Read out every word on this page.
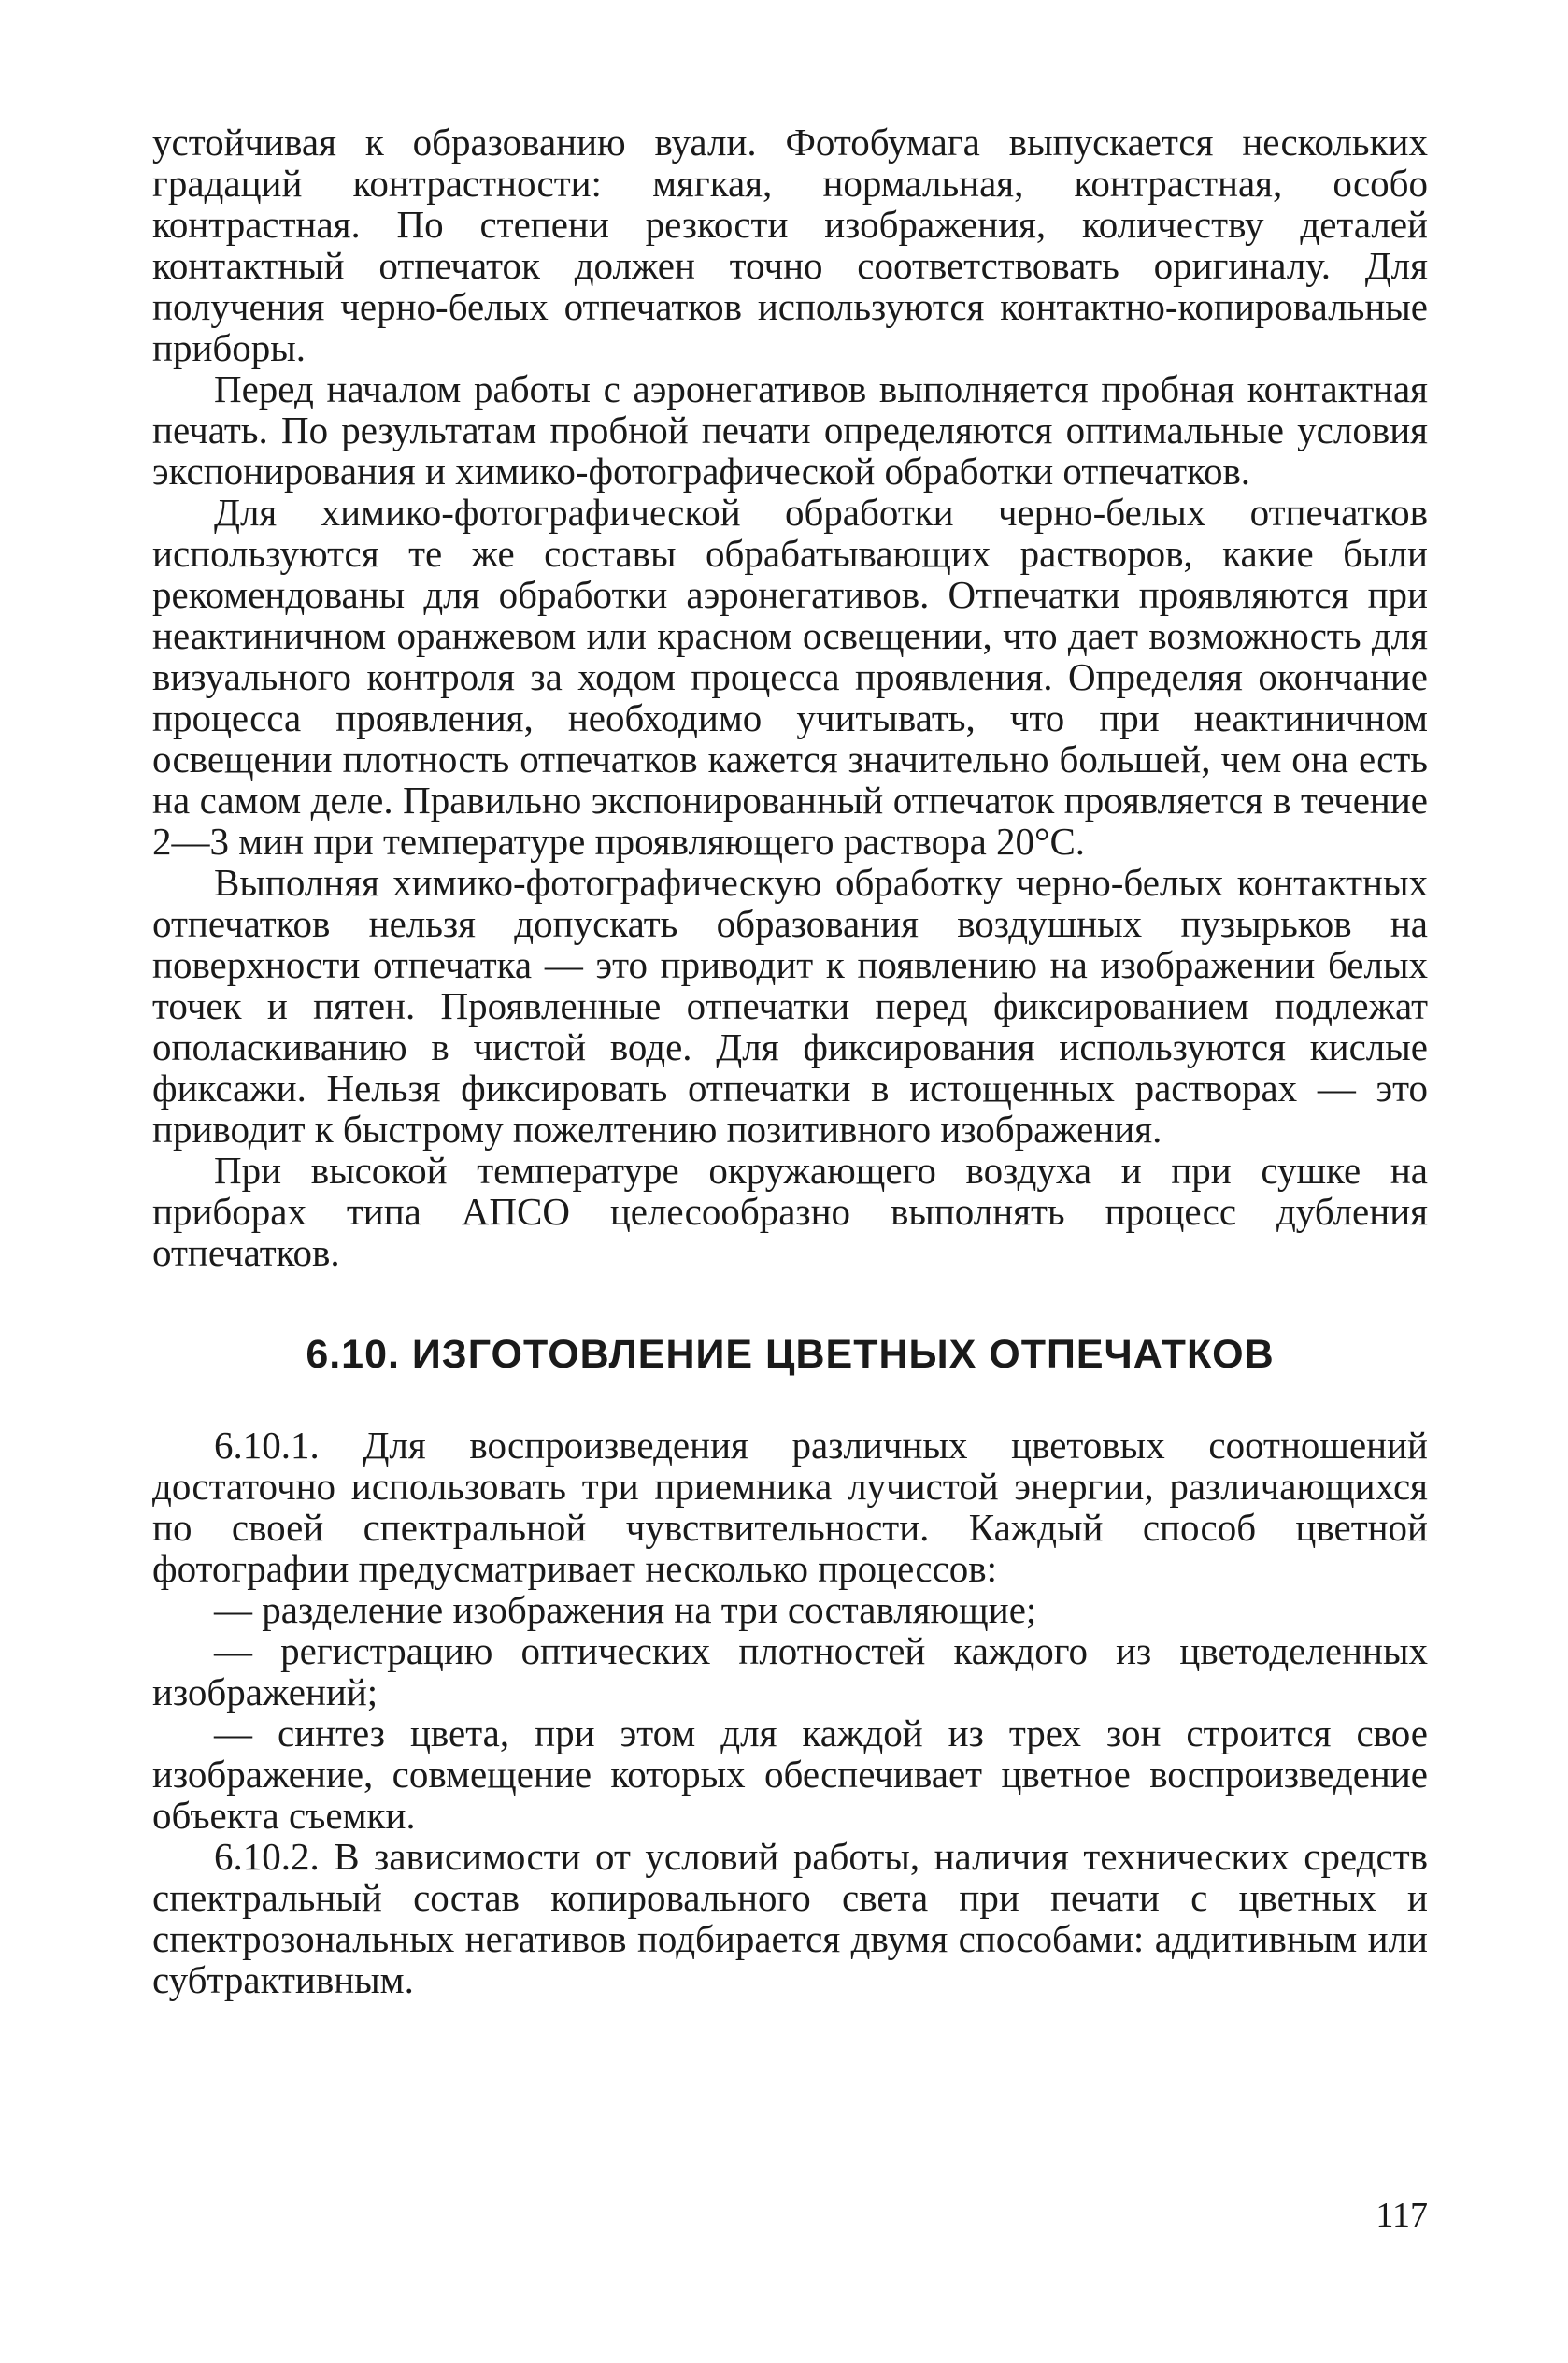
устойчивая к образованию вуали. Фотобумага выпускается нескольких градаций контрастности: мягкая, нормальная, контрастная, особо контрастная. По степени резкости изображения, количеству деталей контактный отпечаток должен точно соответствовать оригиналу. Для получения черно-белых отпечатков используются контактно-копировальные приборы.

Перед началом работы с аэронегативов выполняется пробная контактная печать. По результатам пробной печати определяются оптимальные условия экспонирования и химико-фотографической обработки отпечатков.

Для химико-фотографической обработки черно-белых отпечатков используются те же составы обрабатывающих растворов, какие были рекомендованы для обработки аэронегативов. Отпечатки проявляются при неактиничном оранжевом или красном освещении, что дает возможность для визуального контроля за ходом процесса проявления. Определяя окончание процесса проявления, необходимо учитывать, что при неактиничном освещении плотность отпечатков кажется значительно большей, чем она есть на самом деле. Правильно экспонированный отпечаток проявляется в течение 2—3 мин при температуре проявляющего раствора 20°С.

Выполняя химико-фотографическую обработку черно-белых контактных отпечатков нельзя допускать образования воздушных пузырьков на поверхности отпечатка — это приводит к появлению на изображении белых точек и пятен. Проявленные отпечатки перед фиксированием подлежат ополаскиванию в чистой воде. Для фиксирования используются кислые фиксажи. Нельзя фиксировать отпечатки в истощенных растворах — это приводит к быстрому пожелтению позитивного изображения.

При высокой температуре окружающего воздуха и при сушке на приборах типа АПСО целесообразно выполнять процесс дубления отпечатков.

6.10. ИЗГОТОВЛЕНИЕ ЦВЕТНЫХ ОТПЕЧАТКОВ

6.10.1. Для воспроизведения различных цветовых соотношений достаточно использовать три приемника лучистой энергии, различающихся по своей спектральной чувствительности. Каждый способ цветной фотографии предусматривает несколько процессов:

— разделение изображения на три составляющие;

— регистрацию оптических плотностей каждого из цветоделенных изображений;

— синтез цвета, при этом для каждой из трех зон строится свое изображение, совмещение которых обеспечивает цветное воспроизведение объекта съемки.

6.10.2. В зависимости от условий работы, наличия технических средств спектральный состав копировального света при печати с цветных и спектрозональных негативов подбирается двумя способами: аддитивным или субтрактивным.

117
